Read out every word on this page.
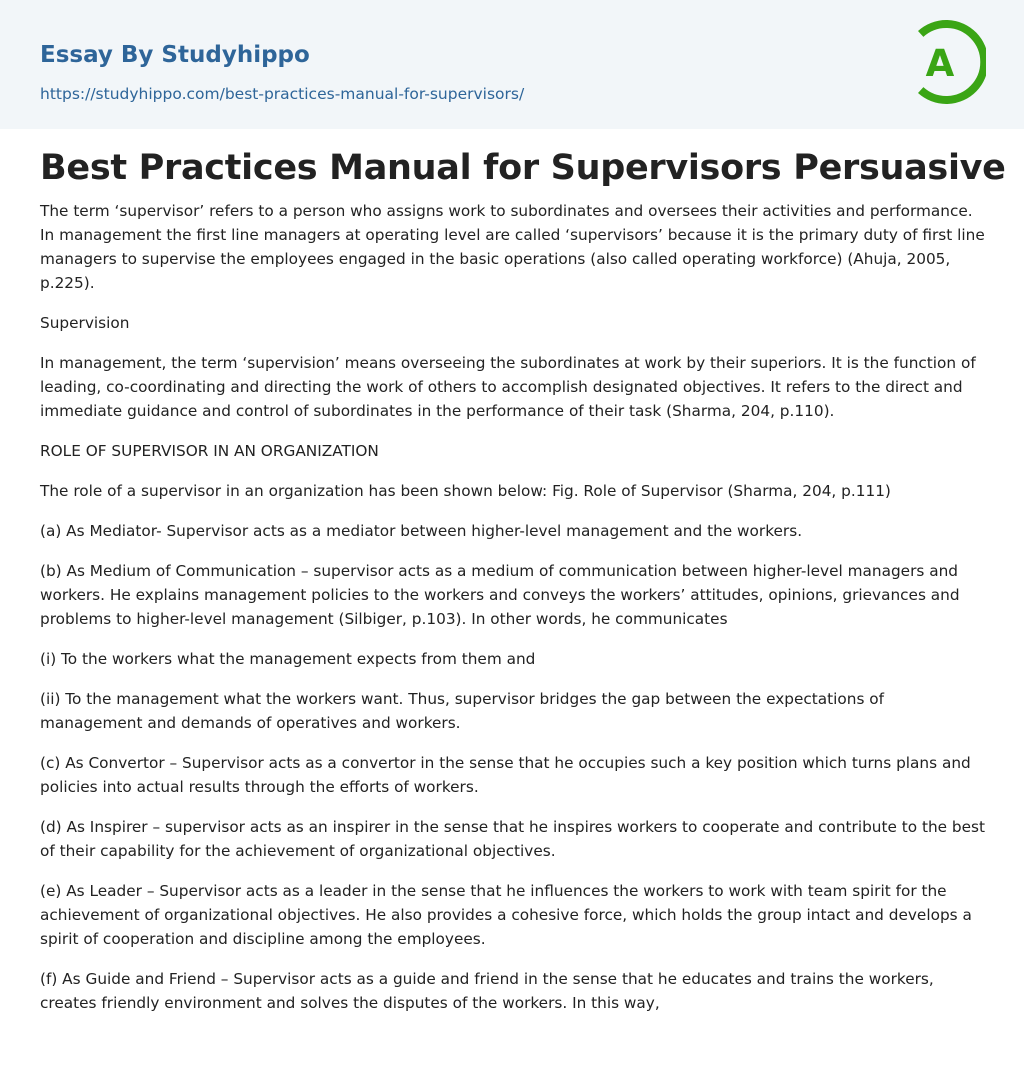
Essay By Studyhippo
https://studyhippo.com/best-practices-manual-for-supervisors/
A
Best Practices Manual for Supervisors Persuasive

The term ‘supervisor’ refers to a person who assigns work to subordinates and oversees their activities and performance. In management the first line managers at operating level are called ‘supervisors’ because it is the primary duty of first line managers to supervise the employees engaged in the basic operations (also called operating workforce) (Ahuja, 2005, p.225).

Supervision

In management, the term ‘supervision’ means overseeing the subordinates at work by their superiors. It is the function of leading, co-coordinating and directing the work of others to accomplish designated objectives. It refers to the direct and immediate guidance and control of subordinates in the performance of their task (Sharma, 204, p.110).

ROLE OF SUPERVISOR IN AN ORGANIZATION

The role of a supervisor in an organization has been shown below: Fig. Role of Supervisor (Sharma, 204, p.111)

(a) As Mediator- Supervisor acts as a mediator between higher-level management and the workers.

(b) As Medium of Communication – supervisor acts as a medium of communication between higher-level managers and workers. He explains management policies to the workers and conveys the workers’ attitudes, opinions, grievances and problems to higher-level management (Silbiger, p.103). In other words, he communicates

(i) To the workers what the management expects from them and

(ii) To the management what the workers want. Thus, supervisor bridges the gap between the expectations of management and demands of operatives and workers.

(c) As Convertor – Supervisor acts as a convertor in the sense that he occupies such a key position which turns plans and policies into actual results through the efforts of workers.

(d) As Inspirer – supervisor acts as an inspirer in the sense that he inspires workers to cooperate and contribute to the best of their capability for the achievement of organizational objectives.

(e) As Leader – Supervisor acts as a leader in the sense that he influences the workers to work with team spirit for the achievement of organizational objectives. He also provides a cohesive force, which holds the group intact and develops a spirit of cooperation and discipline among the employees.

(f) As Guide and Friend – Supervisor acts as a guide and friend in the sense that he educates and trains the workers, creates friendly environment and solves the disputes of the workers. In this way,
